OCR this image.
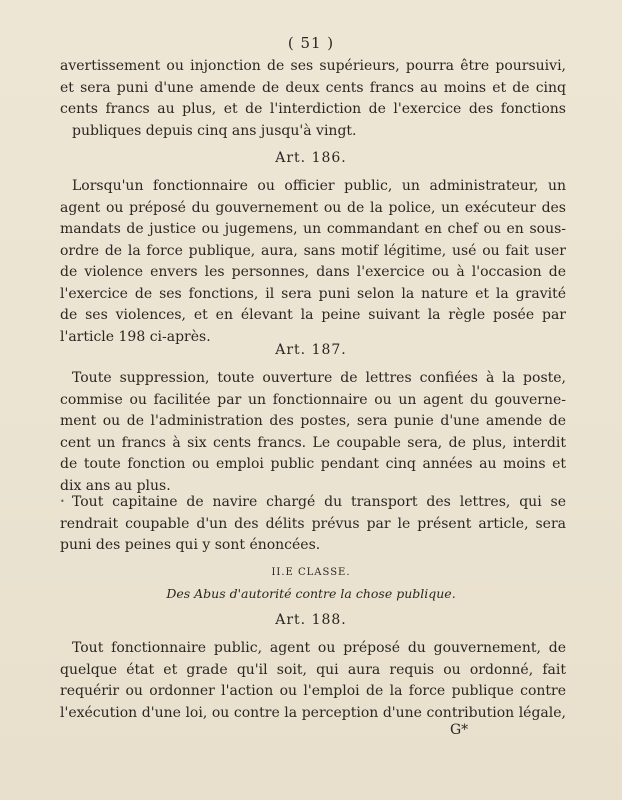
( 51 )
avertissement ou injonction de ses supérieurs, pourra être poursuivi,
et sera puni d'une amende de deux cents francs au moins et de cinq
cents francs au plus, et de l'interdiction de l'exercice des fonctions
publiques depuis cinq ans jusqu'à vingt.
Art. 186.
Lorsqu'un fonctionnaire ou officier public, un administrateur, un
agent ou préposé du gouvernement ou de la police, un exécuteur des
mandats de justice ou jugemens, un commandant en chef ou en sous-
ordre de la force publique, aura, sans motif légitime, usé ou fait user
de violence envers les personnes, dans l'exercice ou à l'occasion de
l'exercice de ses fonctions, il sera puni selon la nature et la gravité
de ses violences, et en élevant la peine suivant la règle posée par
l'article 198 ci-après.
Art. 187.
Toute suppression, toute ouverture de lettres confiées à la poste,
commise ou facilitée par un fonctionnaire ou un agent du gouverne-
ment ou de l'administration des postes, sera punie d'une amende de
cent un francs à six cents francs. Le coupable sera, de plus, interdit
de toute fonction ou emploi public pendant cinq années au moins et
dix ans au plus.
• Tout capitaine de navire chargé du transport des lettres, qui se
rendrait coupable d'un des délits prévus par le présent article, sera
puni des peines qui y sont énoncées.
II.E CLASSE.
Des Abus d'autorité contre la chose publique.
Art. 188.
Tout fonctionnaire public, agent ou préposé du gouvernement, de
quelque état et grade qu'il soit, qui aura requis ou ordonné, fait
requérir ou ordonner l'action ou l'emploi de la force publique contre
l'exécution d'une loi, ou contre la perception d'une contribution légale,
G*
